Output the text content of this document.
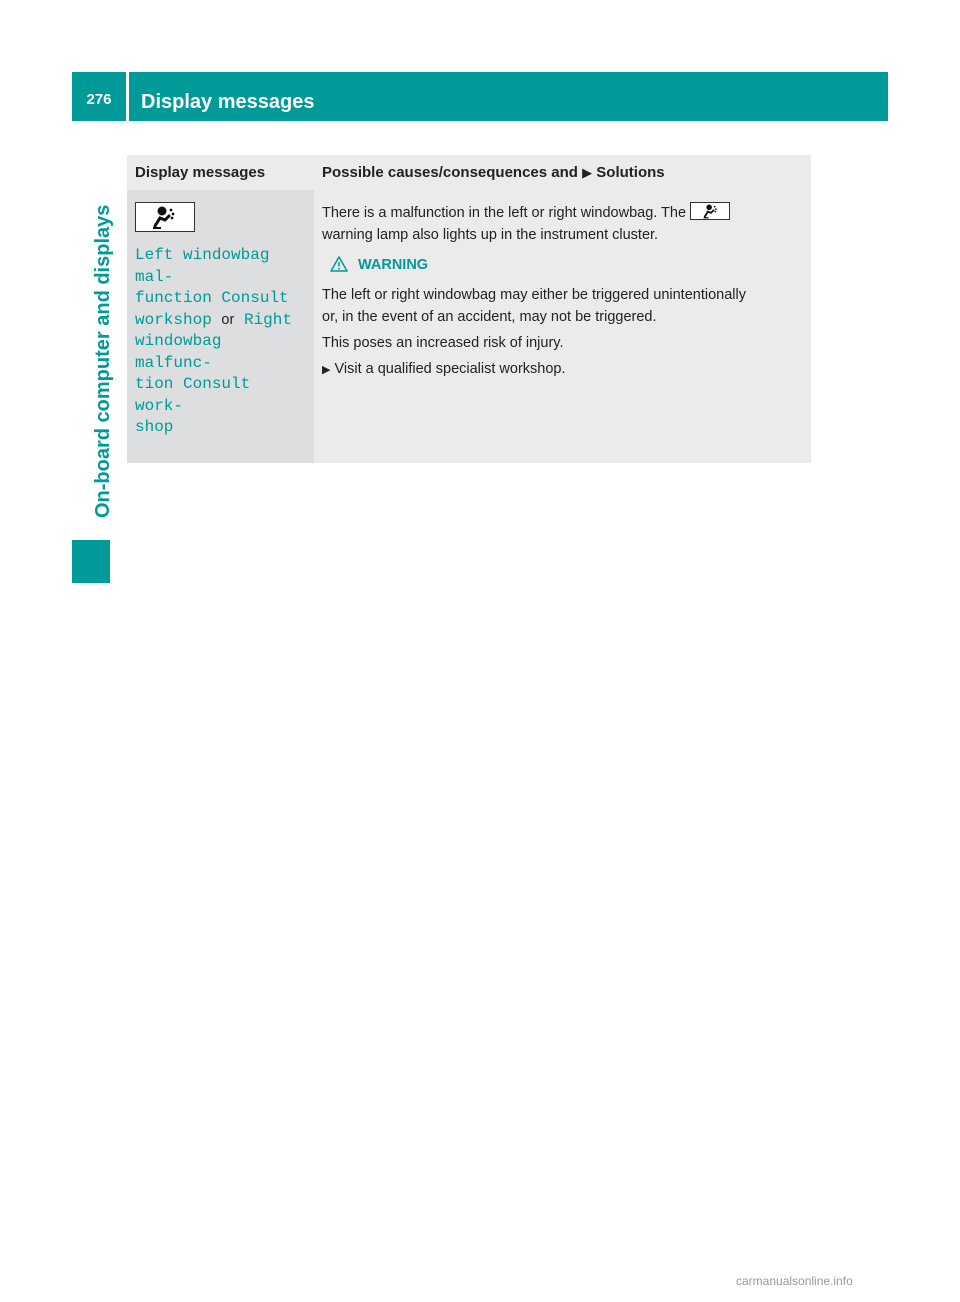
276	Display messages
On-board computer and displays
Display messages	Possible causes/consequences and ▶ Solutions
Left windowbag mal‐
function Consult
workshop or Right
windowbag malfunc‐
tion Consult work‐
shop
There is a malfunction in the left or right windowbag. The

warning lamp also lights up in the instrument cluster.
WARNING
The left or right windowbag may either be triggered unintentionally
or, in the event of an accident, may not be triggered.
This poses an increased risk of injury.
▶ Visit a qualified specialist workshop.
carmanualsonline.info
